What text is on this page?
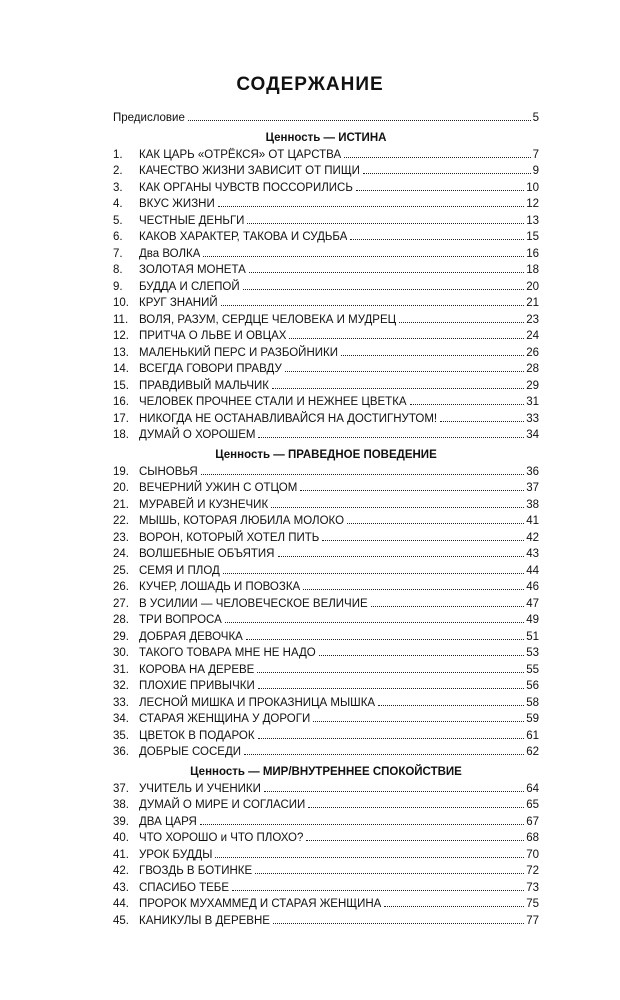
СОДЕРЖАНИЕ
Предисловие	5
Ценность — ИСТИНА
1.	КАК ЦАРЬ «ОТРЁКСЯ» ОТ ЦАРСТВА	7
2.	КАЧЕСТВО ЖИЗНИ ЗАВИСИТ ОТ ПИЩИ	9
3.	КАК ОРГАНЫ ЧУВСТВ ПОССОРИЛИСЬ	10
4.	ВКУС ЖИЗНИ	12
5.	ЧЕСТНЫЕ ДЕНЬГИ	13
6.	КАКОВ ХАРАКТЕР, ТАКОВА И СУДЬБА	15
7.	Два ВОЛКА	16
8.	ЗОЛОТАЯ МОНЕТА	18
9.	БУДДА И СЛЕПОЙ	20
10. КРУГ ЗНАНИЙ	21
11. ВОЛЯ, РАЗУМ, СЕРДЦЕ ЧЕЛОВЕКА И МУДРЕЦ	23
12. ПРИТЧА О ЛЬВЕ И ОВЦАХ	24
13. МАЛЕНЬКИЙ ПЕРС И РАЗБОЙНИКИ	26
14. ВСЕГДА ГОВОРИ ПРАВДУ	28
15. ПРАВДИВЫЙ МАЛЬЧИК	29
16. ЧЕЛОВЕК ПРОЧНЕЕ СТАЛИ И НЕЖНЕЕ ЦВЕТКА	31
17. НИКОГДА НЕ ОСТАНАВЛИВАЙСЯ НА ДОСТИГНУТОМ!	33
18. ДУМАЙ О ХОРОШЕМ	34
Ценность — ПРАВЕДНОЕ ПОВЕДЕНИЕ
19. СЫНОВЬЯ	36
20. ВЕЧЕРНИЙ УЖИН С ОТЦОМ	37
21. МУРАВЕЙ И КУЗНЕЧИК	38
22. МЫШЬ, КОТОРАЯ ЛЮБИЛА МОЛОКО	41
23. ВОРОН, КОТОРЫЙ ХОТЕЛ ПИТЬ	42
24. ВОЛШЕБНЫЕ ОБЪЯТИЯ	43
25. СЕМЯ И ПЛОД	44
26. КУЧЕР, ЛОШАДЬ И ПОВОЗКА	46
27. В УСИЛИИ — ЧЕЛОВЕЧЕСКОЕ ВЕЛИЧИЕ	47
28. ТРИ ВОПРОСА	49
29. ДОБРАЯ ДЕВОЧКА	51
30. ТАКОГО ТОВАРА МНЕ НЕ НАДО	53
31. КОРОВА НА ДЕРЕВЕ	55
32. ПЛОХИЕ ПРИВЫЧКИ	56
33. ЛЕСНОЙ МИШКА И ПРОКАЗНИЦА МЫШКА	58
34. СТАРАЯ ЖЕНЩИНА У ДОРОГИ	59
35. ЦВЕТОК В ПОДАРОК	61
36. ДОБРЫЕ СОСЕДИ	62
Ценность — МИР/ВНУТРЕННЕЕ СПОКОЙСТВИЕ
37. УЧИТЕЛЬ И УЧЕНИКИ	64
38. ДУМАЙ О МИРЕ И СОГЛАСИИ	65
39. ДВА ЦАРЯ	67
40. ЧТО ХОРОШО и ЧТО ПЛОХО?	68
41. УРОК БУДДЫ	70
42. ГВОЗДЬ В БОТИНКЕ	72
43. СПАСИБО ТЕБЕ	73
44. ПРОРОК МУХАММЕД И СТАРАЯ ЖЕНЩИНА	75
45. КАНИКУЛЫ В ДЕРЕВНЕ	77
